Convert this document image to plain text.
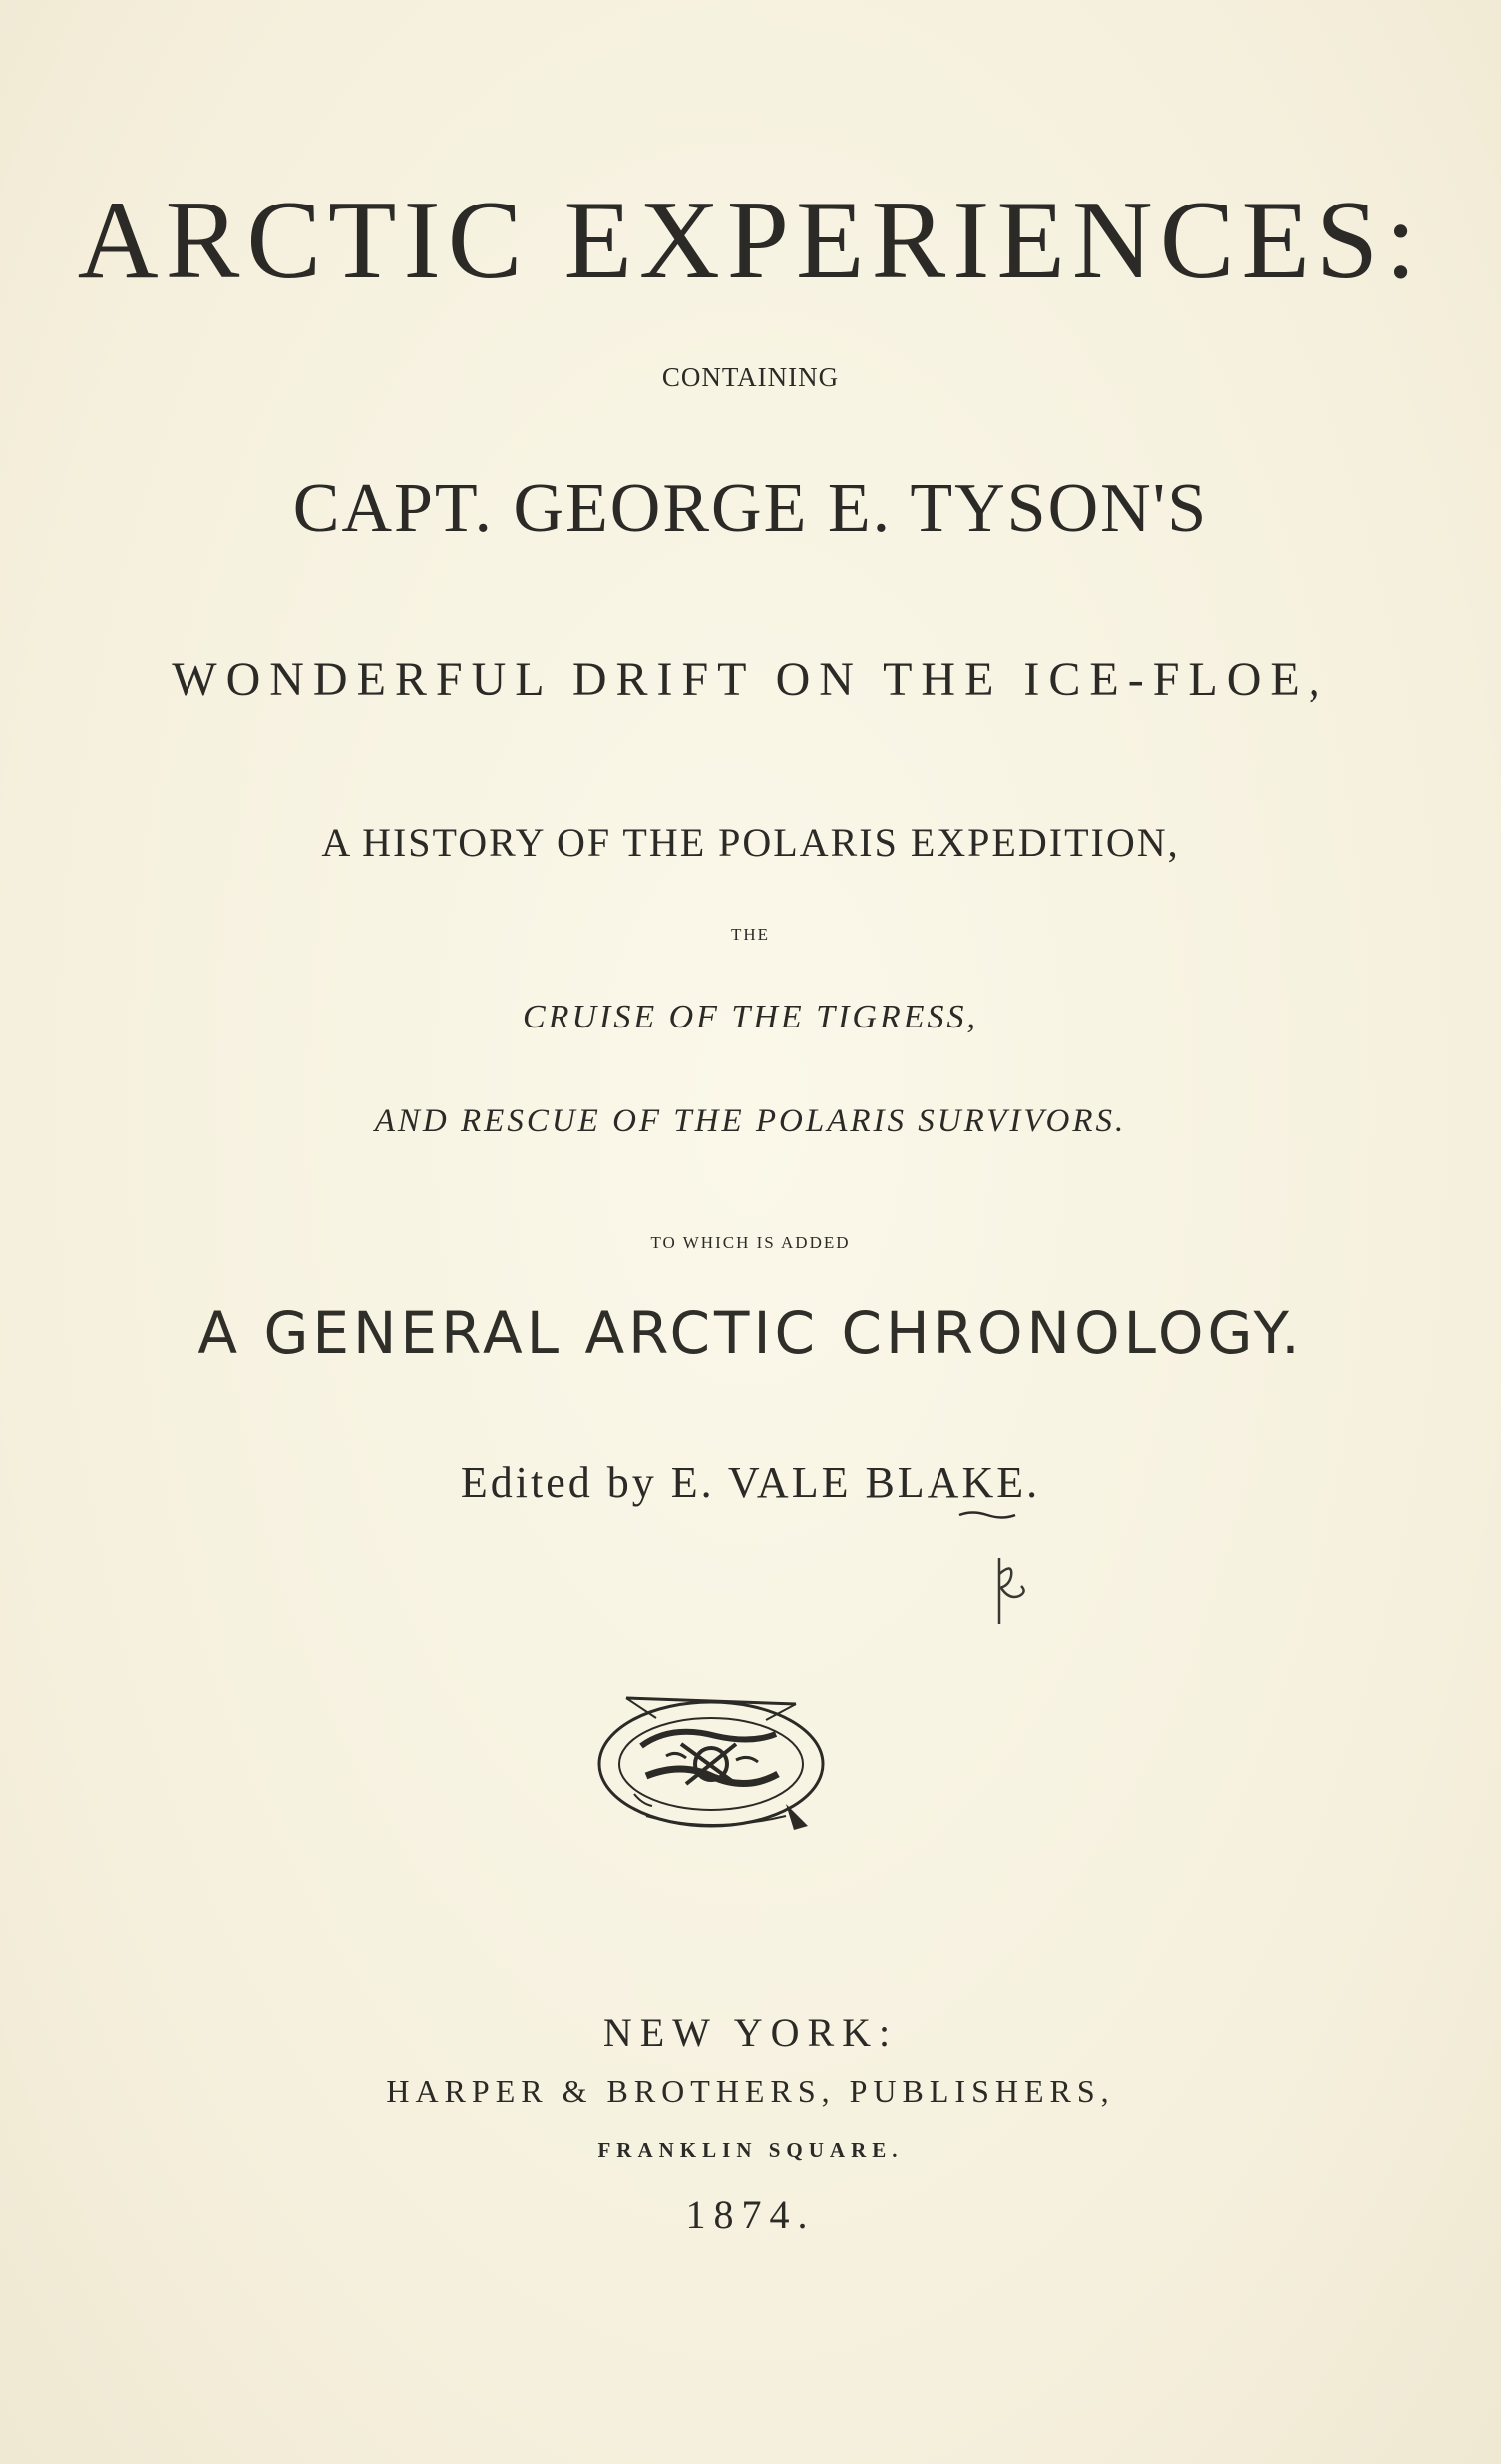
ARCTIC EXPERIENCES:
CONTAINING
CAPT. GEORGE E. TYSON'S
WONDERFUL DRIFT ON THE ICE-FLOE,
A HISTORY OF THE POLARIS EXPEDITION,
THE
CRUISE OF THE TIGRESS,
AND RESCUE OF THE POLARIS SURVIVORS.
TO WHICH IS ADDED
A GENERAL ARCTIC CHRONOLOGY.
Edited by E. VALE BLAKE.
NEW YORK:
HARPER & BROTHERS, PUBLISHERS,
FRANKLIN SQUARE.
1874.
